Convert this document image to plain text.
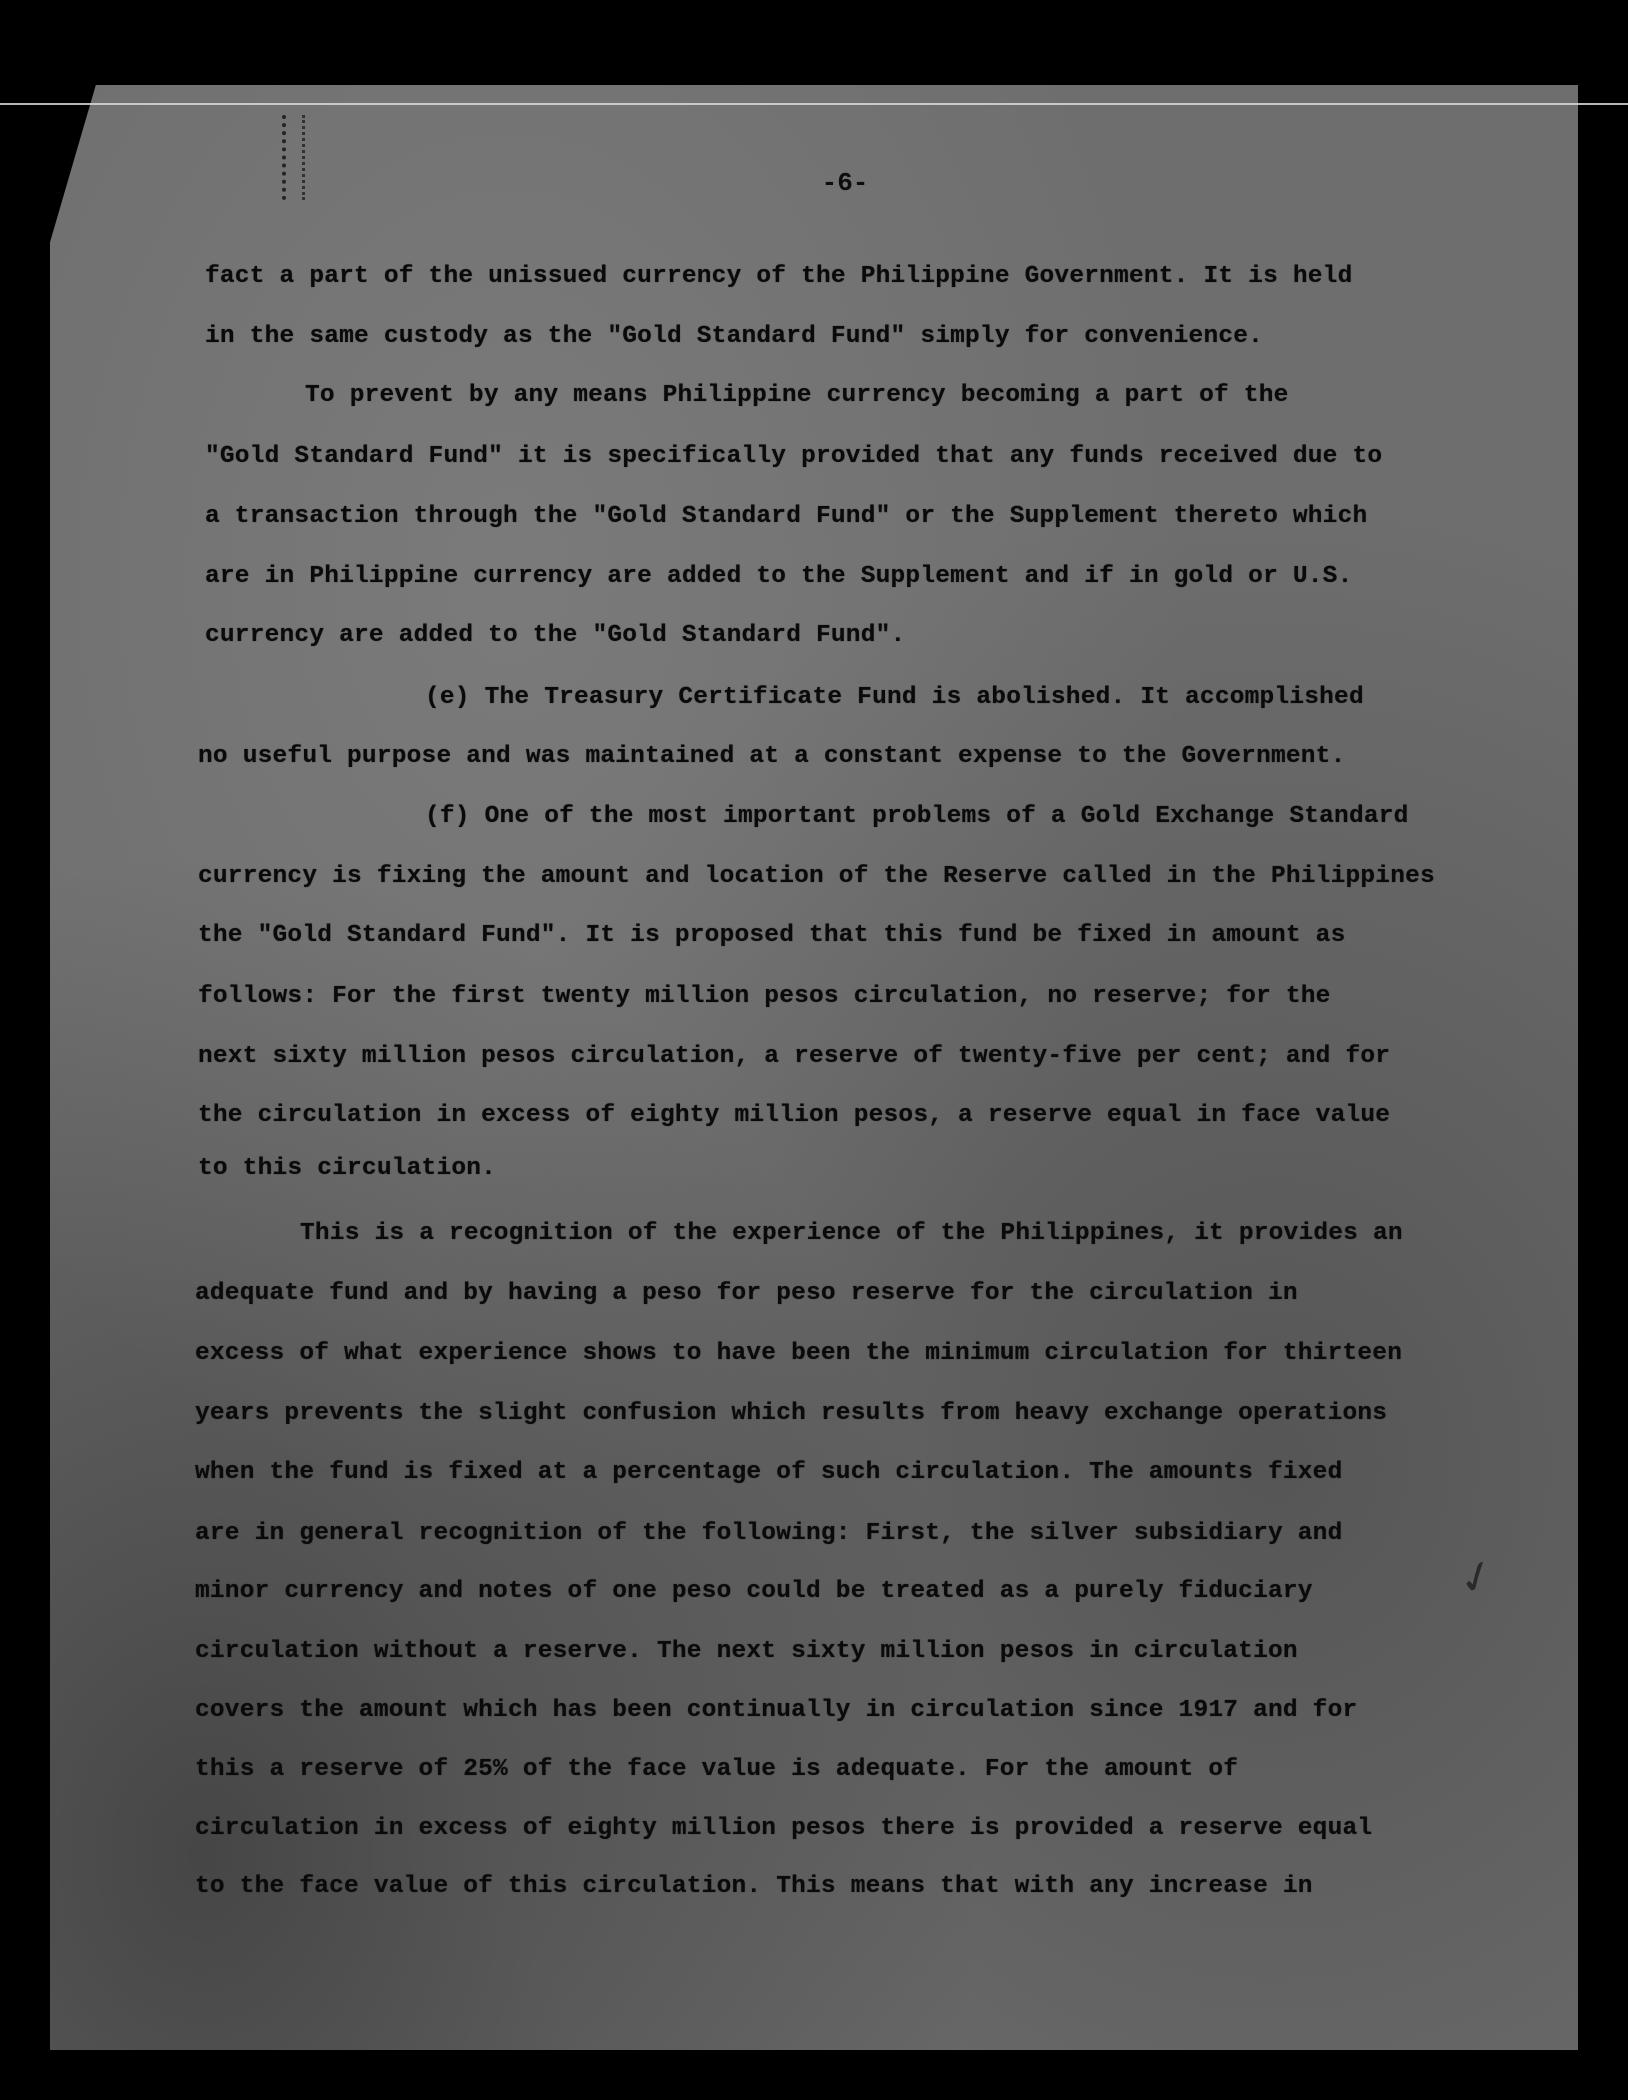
-6-
fact a part of the unissued currency of the Philippine Government. It is held
in the same custody as the "Gold Standard Fund" simply for convenience.
To prevent by any means Philippine currency becoming a part of the
"Gold Standard Fund" it is specifically provided that any funds received due to
a transaction through the "Gold Standard Fund" or the Supplement thereto which
are in Philippine currency are added to the Supplement and if in gold or U.S.
currency are added to the "Gold Standard Fund".
(e) The Treasury Certificate Fund is abolished. It accomplished
no useful purpose and was maintained at a constant expense to the Government.
(f) One of the most important problems of a Gold Exchange Standard
currency is fixing the amount and location of the Reserve called in the Philippines
the "Gold Standard Fund". It is proposed that this fund be fixed in amount as
follows: For the first twenty million pesos circulation, no reserve; for the
next sixty million pesos circulation, a reserve of twenty-five per cent; and for
the circulation in excess of eighty million pesos, a reserve equal in face value
to this circulation.
This is a recognition of the experience of the Philippines, it provides an
adequate fund and by having a peso for peso reserve for the circulation in
excess of what experience shows to have been the minimum circulation for thirteen
years prevents the slight confusion which results from heavy exchange operations
when the fund is fixed at a percentage of such circulation. The amounts fixed
are in general recognition of the following: First, the silver subsidiary and
minor currency and notes of one peso could be treated as a purely fiduciary
circulation without a reserve. The next sixty million pesos in circulation
covers the amount which has been continually in circulation since 1917 and for
this a reserve of 25% of the face value is adequate. For the amount of
circulation in excess of eighty million pesos there is provided a reserve equal
to the face value of this circulation. This means that with any increase in
✓
